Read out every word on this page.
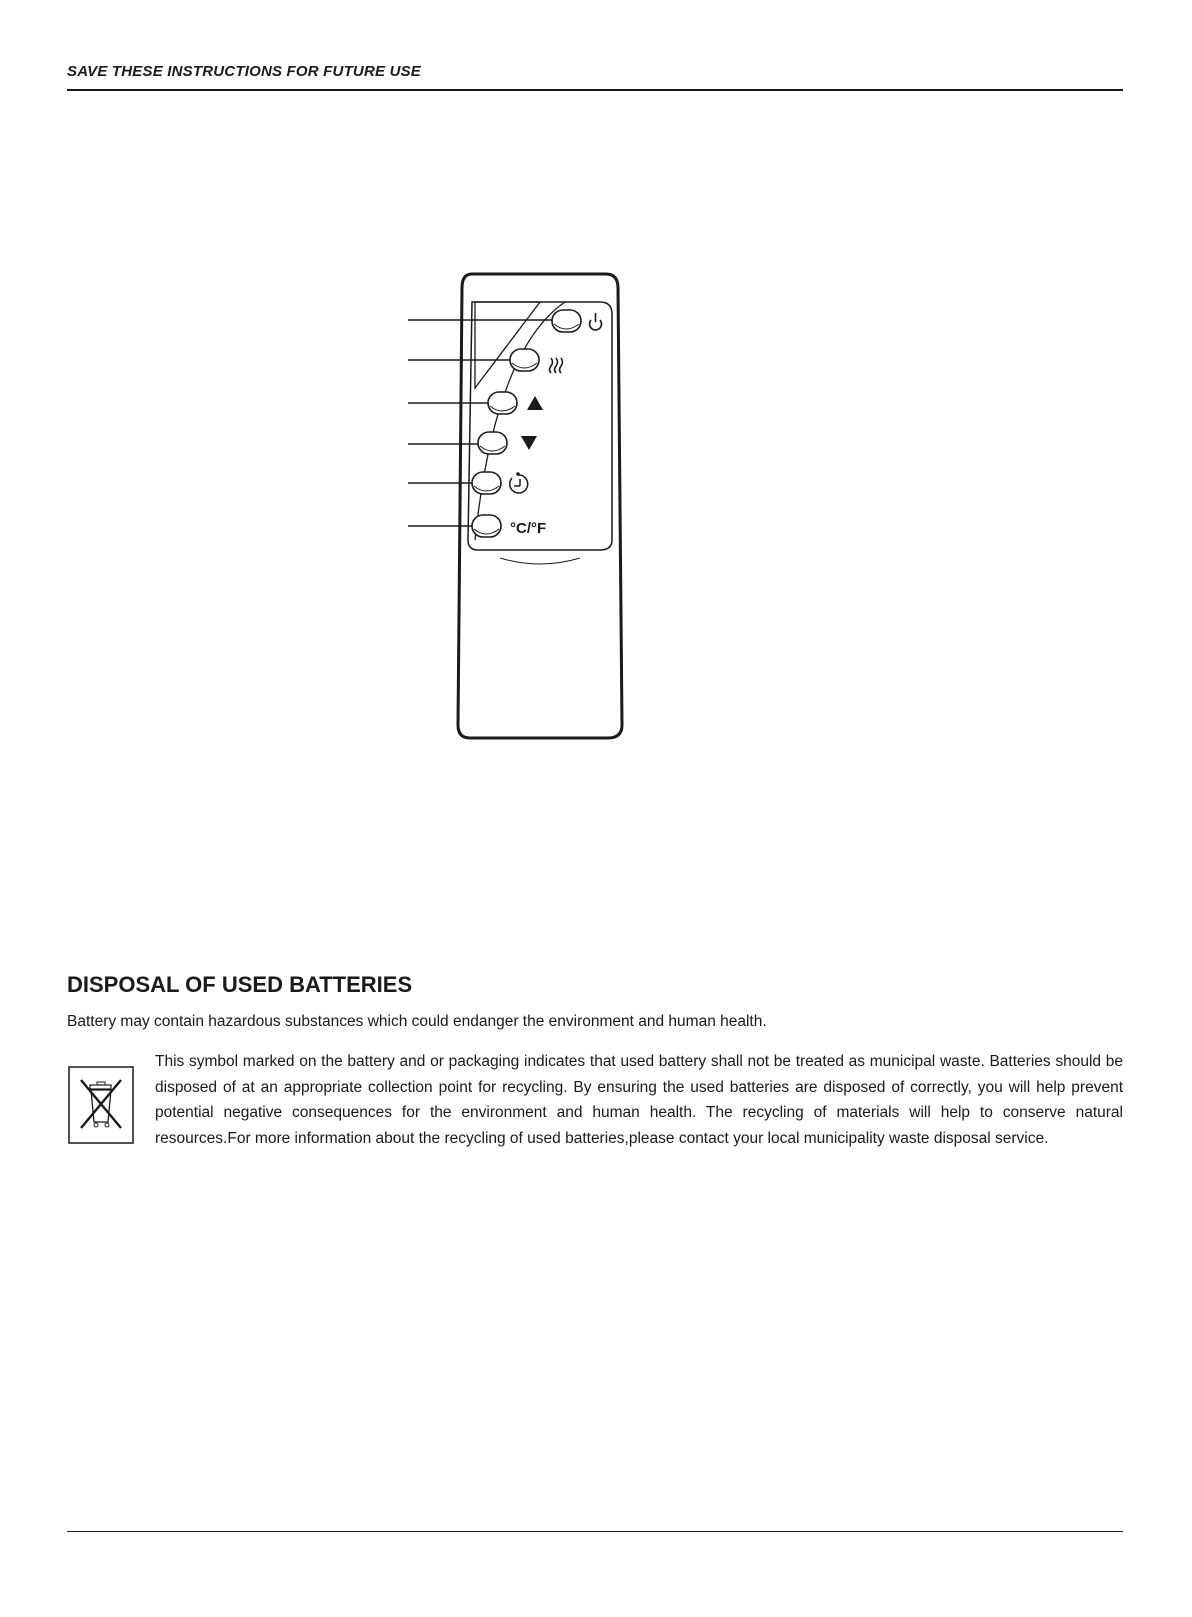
SAVE THESE INSTRUCTIONS FOR FUTURE USE
°C/°F
DISPOSAL OF USED BATTERIES
Battery may contain hazardous substances which could endanger the environment and human health.
This symbol marked on the battery and or packaging indicates that used battery shall not be treated as municipal waste. Batteries should be disposed of at an appropriate collection point for recycling. By ensuring the used batteries are disposed of correctly, you will help prevent potential negative consequences for the environment and human health. The recycling of materials will help to conserve natural resources.For more information about the recycling of used batteries,please contact your local municipality waste disposal service.
